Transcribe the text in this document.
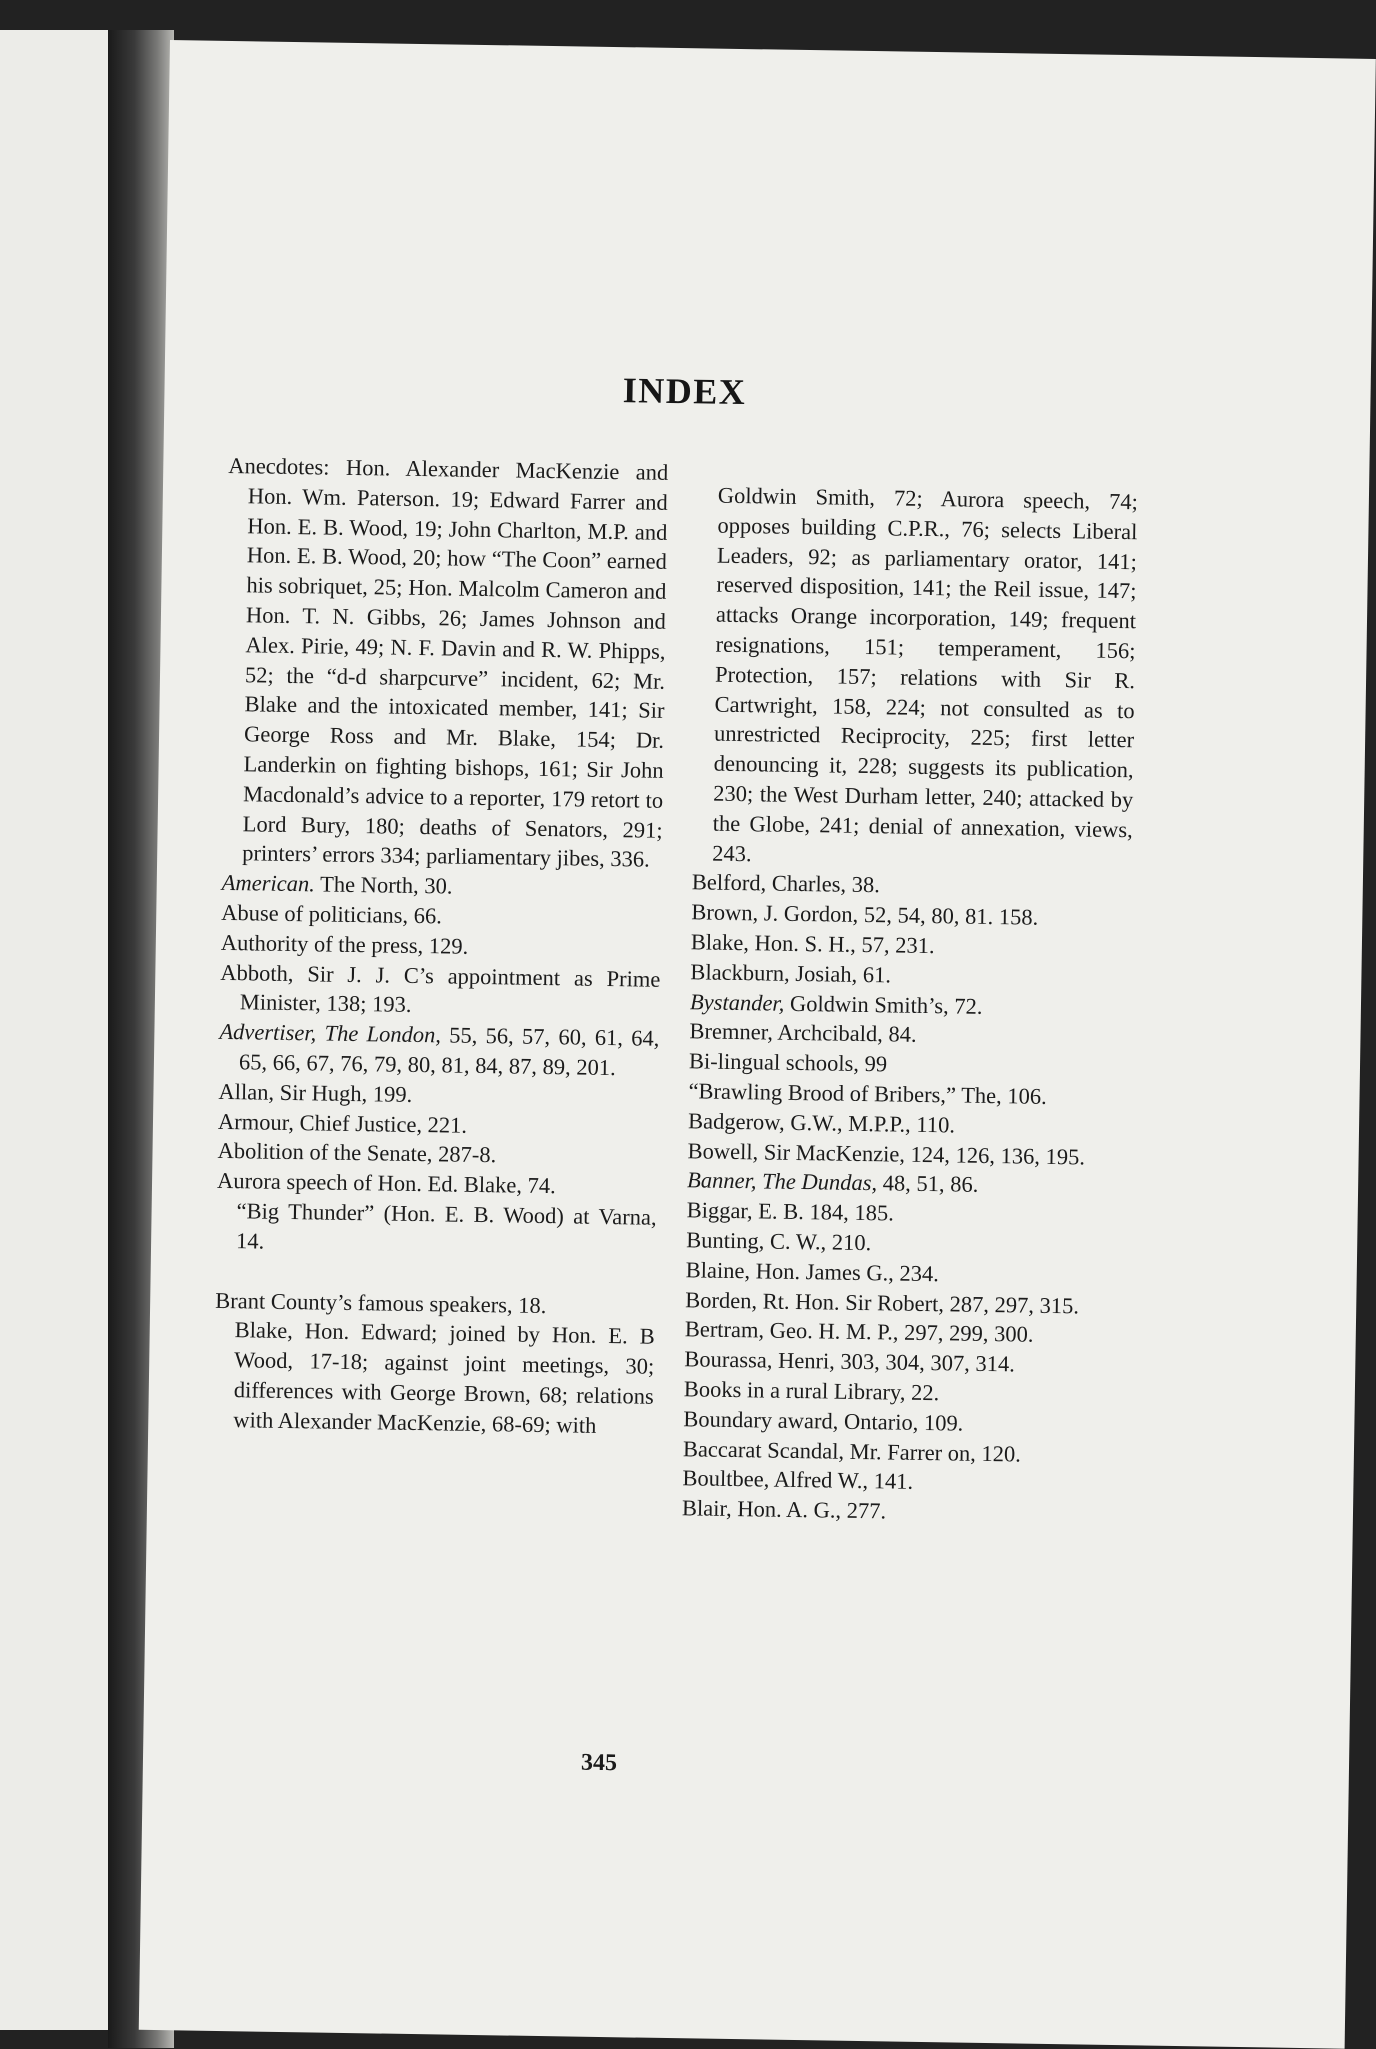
INDEX

Anecdotes: Hon. Alexander MacKenzie and Hon. Wm. Paterson. 19; Edward Farrer and Hon. E. B. Wood, 19; John Charlton, M.P. and Hon. E. B. Wood, 20; how “The Coon” earned his sobriquet, 25; Hon. Malcolm Cameron and Hon. T. N. Gibbs, 26; James Johnson and Alex. Pirie, 49; N. F. Davin and R. W. Phipps, 52; the “d-d sharpcurve” incident, 62; Mr. Blake and the intoxicated member, 141; Sir George Ross and Mr. Blake, 154; Dr. Landerkin on fighting bishops, 161; Sir John Macdonald’s advice to a reporter, 179 retort to Lord Bury, 180; deaths of Senators, 291; printers’ errors 334; parliamentary jibes, 336.

American. The North, 30.

Abuse of politicians, 66.

Authority of the press, 129.

Abboth, Sir J. J. C’s appointment as Prime Minister, 138; 193.

Advertiser, The London, 55, 56, 57, 60, 61, 64, 65, 66, 67, 76, 79, 80, 81, 84, 87, 89, 201.

Allan, Sir Hugh, 199.

Armour, Chief Justice, 221.

Abolition of the Senate, 287-8.

Aurora speech of Hon. Ed. Blake, 74.

“Big Thunder” (Hon. E. B. Wood) at Varna, 14.

Brant County’s famous speakers, 18.

Blake, Hon. Edward; joined by Hon. E. B Wood, 17-18; against joint meetings, 30; differences with George Brown, 68; relations with Alexander MacKenzie, 68-69; with

Goldwin Smith, 72; Aurora speech, 74; opposes building C.P.R., 76; selects Liberal Leaders, 92; as parliamentary orator, 141; reserved disposition, 141; the Reil issue, 147; attacks Orange incorporation, 149; frequent resignations, 151; temperament, 156; Protection, 157; relations with Sir R. Cartwright, 158, 224; not consulted as to unrestricted Reciprocity, 225; first letter denouncing it, 228; suggests its publication, 230; the West Durham letter, 240; attacked by the Globe, 241; denial of annexation, views, 243.

Belford, Charles, 38.

Brown, J. Gordon, 52, 54, 80, 81. 158.

Blake, Hon. S. H., 57, 231.

Blackburn, Josiah, 61.

Bystander, Goldwin Smith’s, 72.

Bremner, Archcibald, 84.

Bi-lingual schools, 99

“Brawling Brood of Bribers,” The, 106.

Badgerow, G.W., M.P.P., 110.

Bowell, Sir MacKenzie, 124, 126, 136, 195.

Banner, The Dundas, 48, 51, 86.

Biggar, E. B. 184, 185.

Bunting, C. W., 210.

Blaine, Hon. James G., 234.

Borden, Rt. Hon. Sir Robert, 287, 297, 315.

Bertram, Geo. H. M. P., 297, 299, 300.

Bourassa, Henri, 303, 304, 307, 314.

Books in a rural Library, 22.

Boundary award, Ontario, 109.

Baccarat Scandal, Mr. Farrer on, 120.

Boultbee, Alfred W., 141.

Blair, Hon. A. G., 277.

345
